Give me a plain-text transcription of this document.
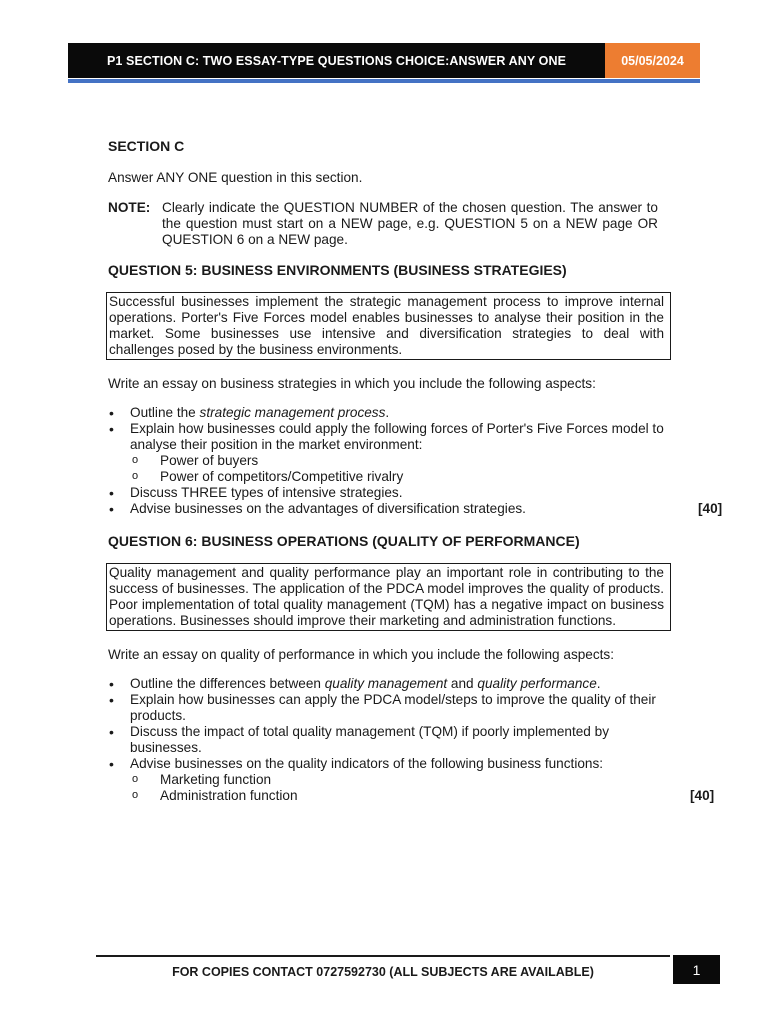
P1 SECTION C: TWO ESSAY-TYPE QUESTIONS CHOICE:ANSWER ANY ONE	05/05/2024
SECTION C
Answer ANY ONE question in this section.
NOTE: Clearly indicate the QUESTION NUMBER of the chosen question. The answer to the question must start on a NEW page, e.g. QUESTION 5 on a NEW page OR QUESTION 6 on a NEW page.
QUESTION 5: BUSINESS ENVIRONMENTS (BUSINESS STRATEGIES)
Successful businesses implement the strategic management process to improve internal operations. Porter's Five Forces model enables businesses to analyse their position in the market. Some businesses use intensive and diversification strategies to deal with challenges posed by the business environments.
Write an essay on business strategies in which you include the following aspects:
• Outline the strategic management process.
• Explain how businesses could apply the following forces of Porter's Five Forces model to analyse their position in the market environment:
o Power of buyers
o Power of competitors/Competitive rivalry
• Discuss THREE types of intensive strategies.
• Advise businesses on the advantages of diversification strategies.	[40]
QUESTION 6: BUSINESS OPERATIONS (QUALITY OF PERFORMANCE)
Quality management and quality performance play an important role in contributing to the success of businesses. The application of the PDCA model improves the quality of products. Poor implementation of total quality management (TQM) has a negative impact on business operations. Businesses should improve their marketing and administration functions.
Write an essay on quality of performance in which you include the following aspects:
• Outline the differences between quality management and quality performance.
• Explain how businesses can apply the PDCA model/steps to improve the quality of their products.
• Discuss the impact of total quality management (TQM) if poorly implemented by businesses.
• Advise businesses on the quality indicators of the following business functions:
o Marketing function
o Administration function	[40]
FOR COPIES CONTACT 0727592730 (ALL SUBJECTS ARE AVAILABLE)	1
